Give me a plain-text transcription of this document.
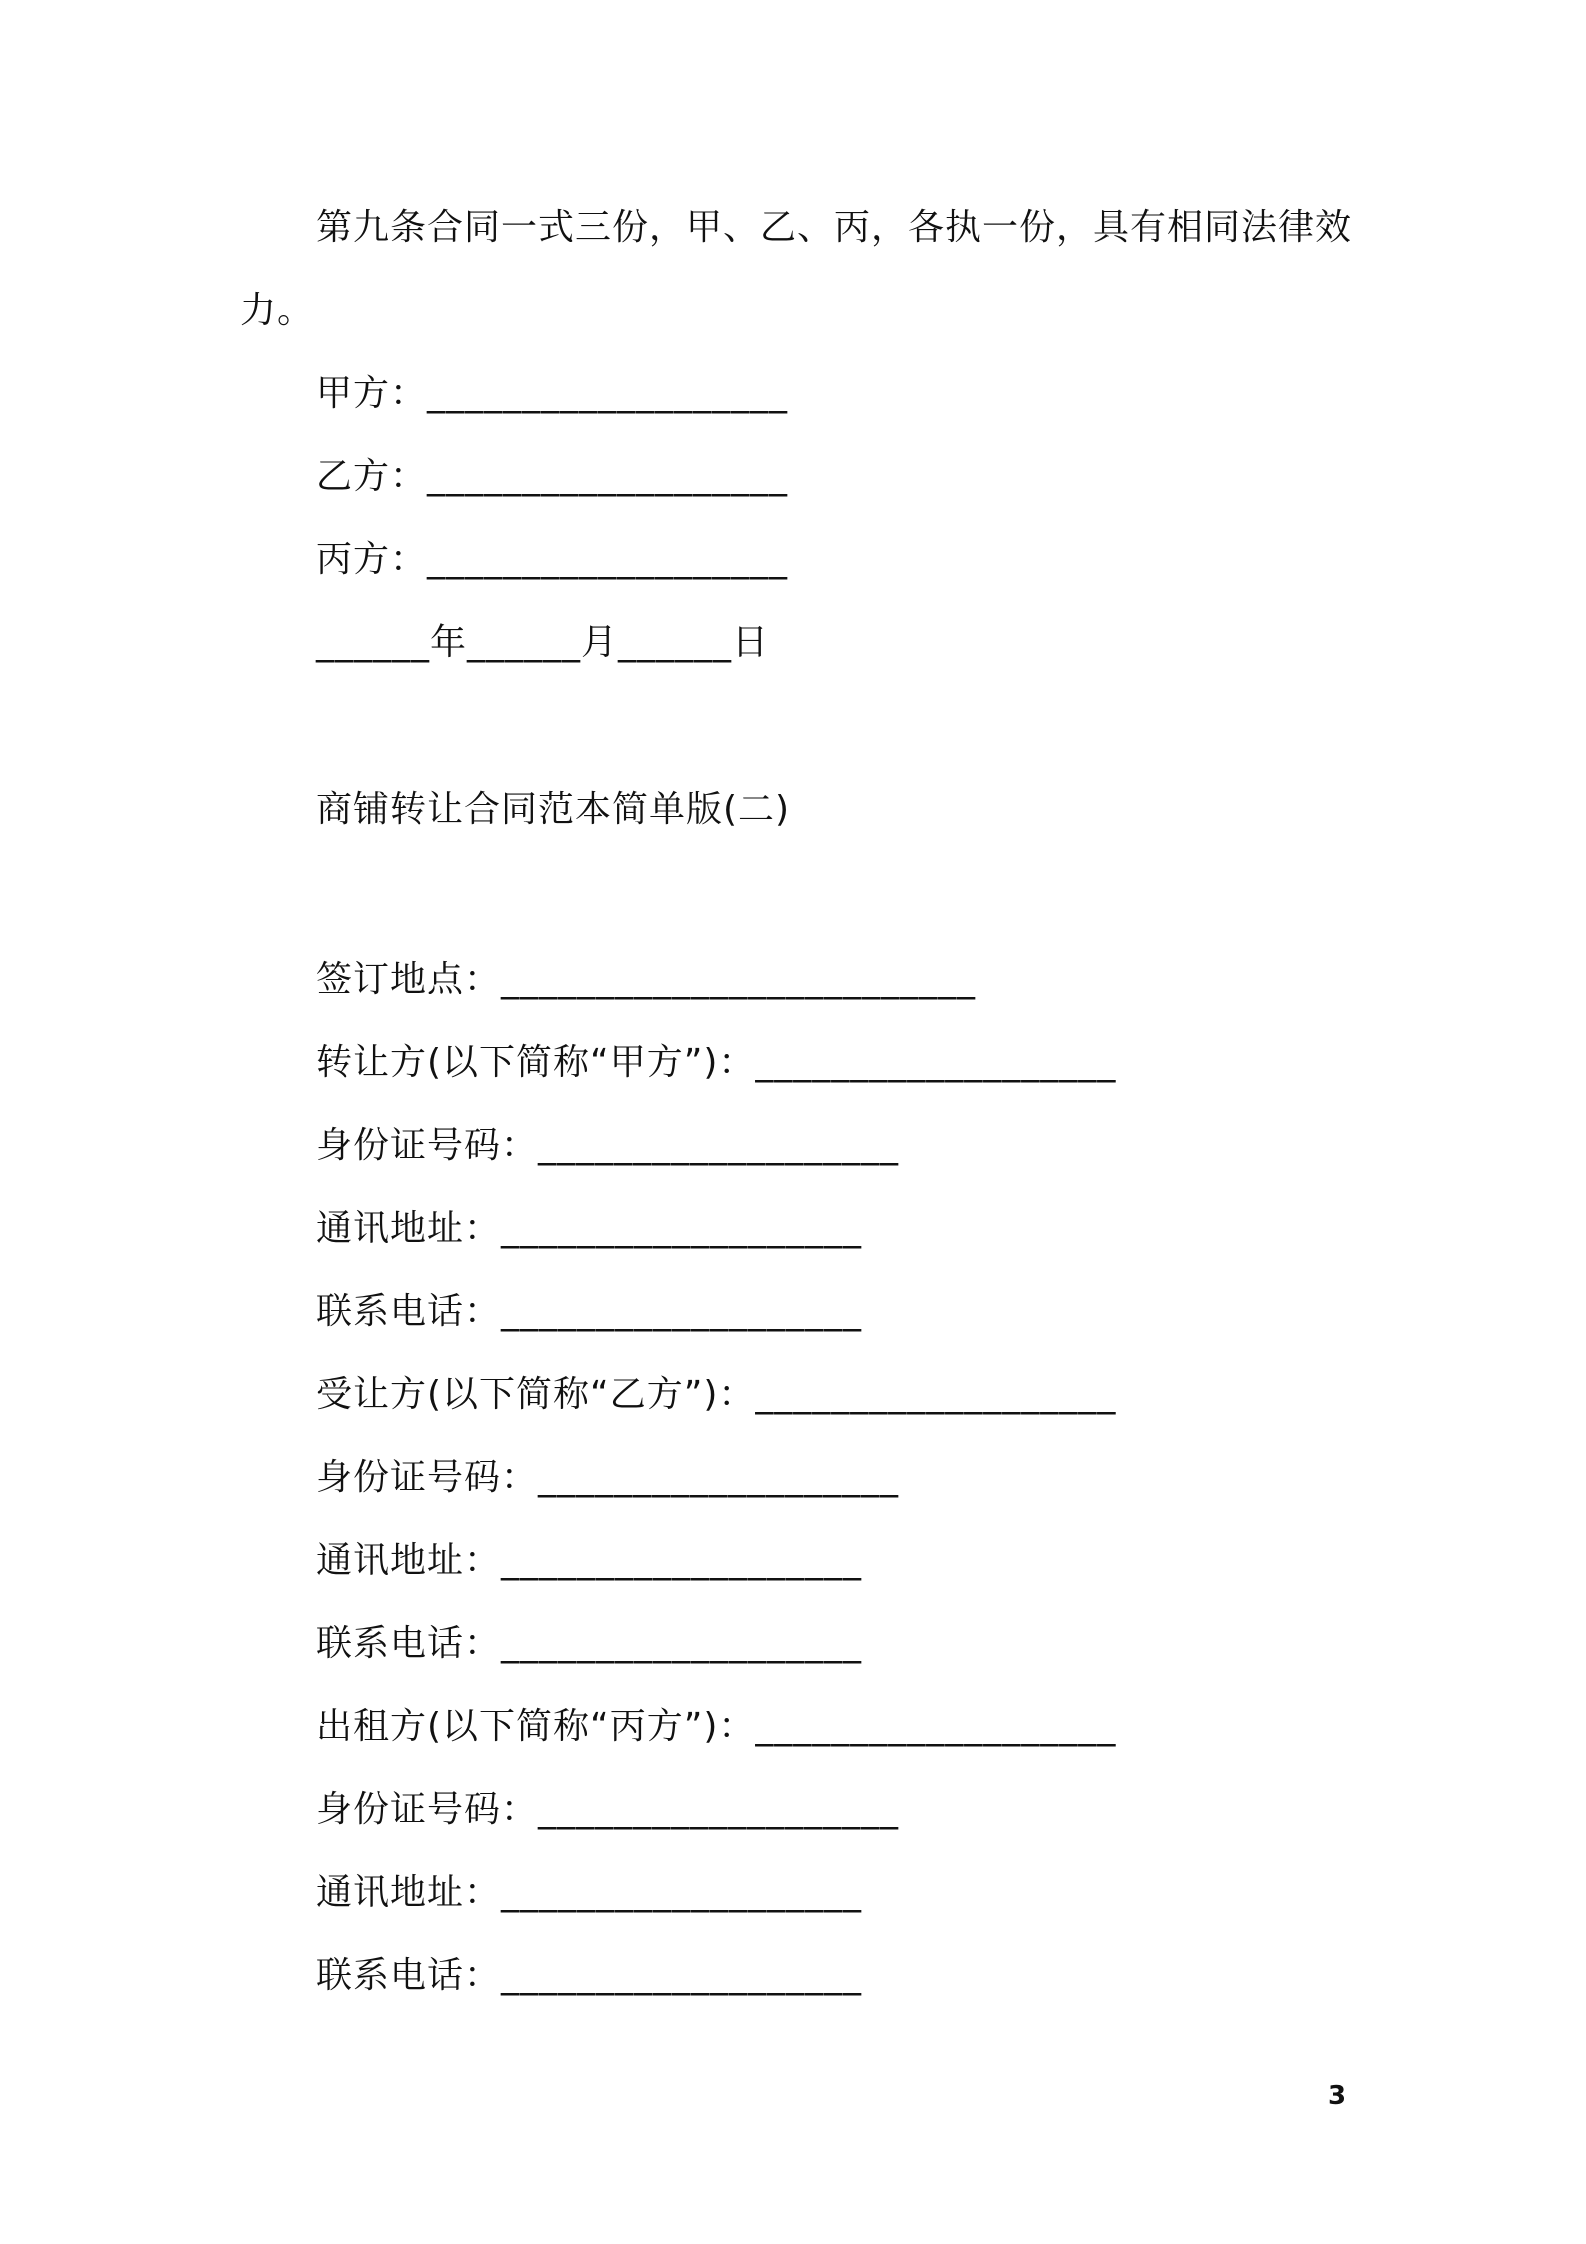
第九条合同一式三份，甲、乙、丙，各执一份，具有相同法律效
力。
甲方：___________________
乙方：___________________
丙方：___________________
______年______月______日
商铺转让合同范本简单版(二)
签订地点：_________________________
转让方(以下简称“甲方”)：___________________
身份证号码：___________________
通讯地址：___________________
联系电话：___________________
受让方(以下简称“乙方”)：___________________
身份证号码：___________________
通讯地址：___________________
联系电话：___________________
出租方(以下简称“丙方”)：___________________
身份证号码：___________________
通讯地址：___________________
联系电话：___________________
3
